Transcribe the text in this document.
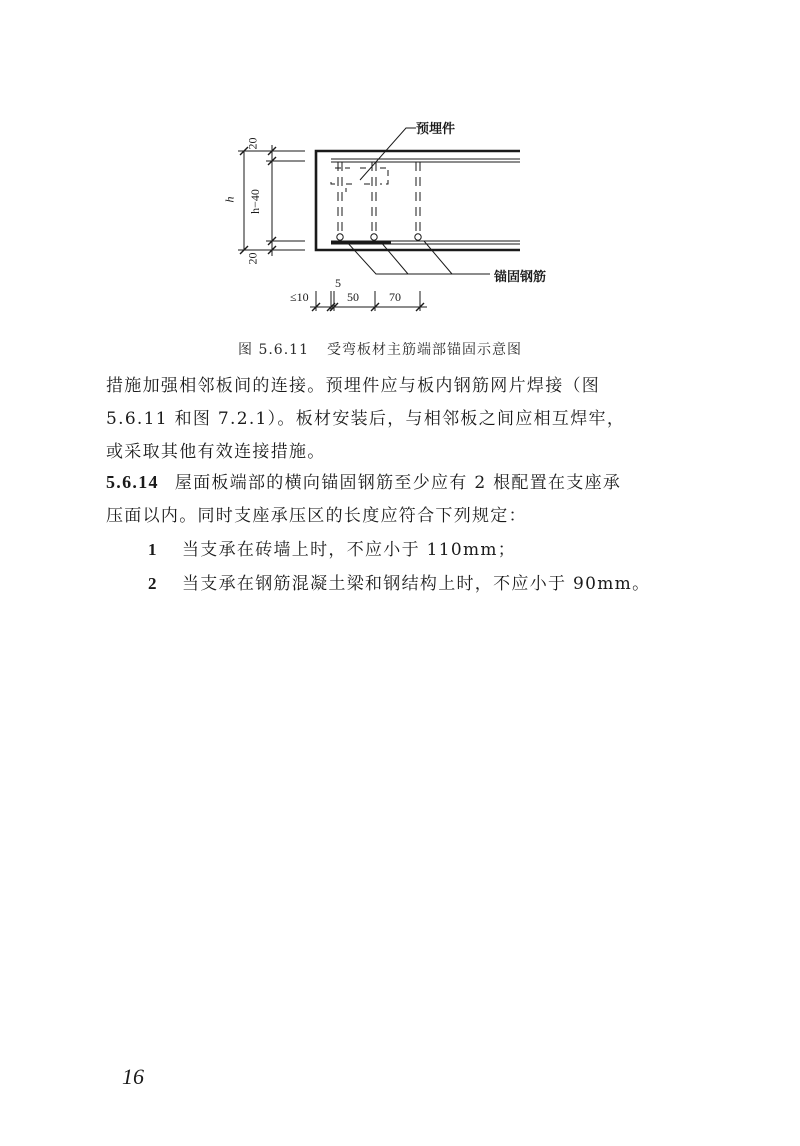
预埋件
锚固钢筋
20
20
h h−40
≤10
5
50	70
图 5.6.11 受弯板材主筋端部锚固示意图
措施加强相邻板间的连接。预埋件应与板内钢筋网片焊接（图
5.6.11 和图 7.2.1）。板材安装后，与相邻板之间应相互焊牢，
或采取其他有效连接措施。
5.6.14 屋面板端部的横向锚固钢筋至少应有 2 根配置在支座承
压面以内。同时支座承压区的长度应符合下列规定：
1 当支承在砖墙上时，不应小于 110mm；
2 当支承在钢筋混凝土梁和钢结构上时，不应小于 90mm。
16
